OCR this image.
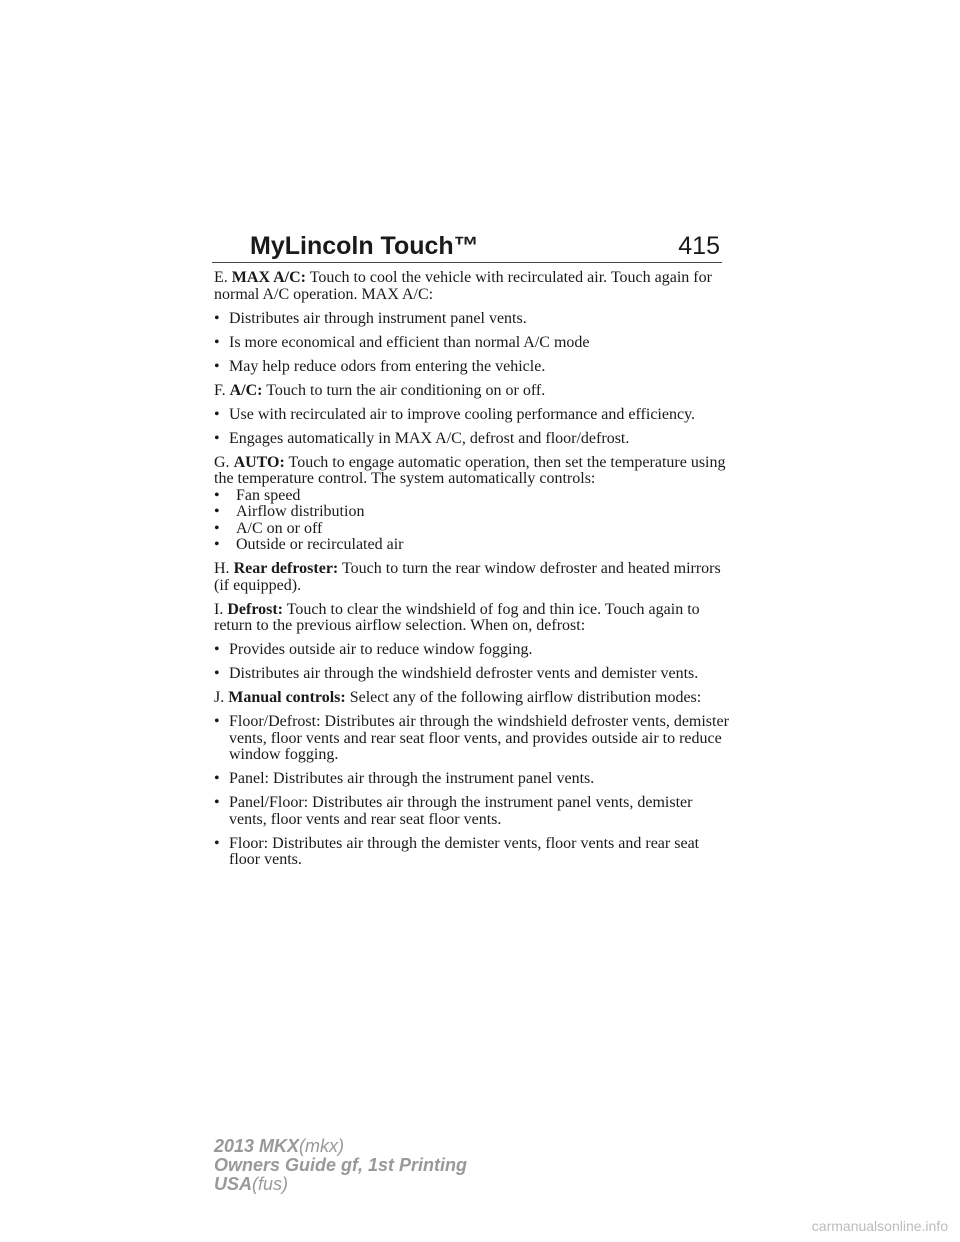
MyLincoln Touch™	415

E. MAX A/C: Touch to cool the vehicle with recirculated air. Touch again for normal A/C operation. MAX A/C:

• Distributes air through instrument panel vents.
• Is more economical and efficient than normal A/C mode
• May help reduce odors from entering the vehicle.

F. A/C: Touch to turn the air conditioning on or off.

• Use with recirculated air to improve cooling performance and efficiency.
• Engages automatically in MAX A/C, defrost and floor/defrost.

G. AUTO: Touch to engage automatic operation, then set the temperature using the temperature control. The system automatically controls:

• Fan speed
• Airflow distribution
• A/C on or off
• Outside or recirculated air

H. Rear defroster: Touch to turn the rear window defroster and heated mirrors (if equipped).

I. Defrost: Touch to clear the windshield of fog and thin ice. Touch again to return to the previous airflow selection. When on, defrost:

• Provides outside air to reduce window fogging.
• Distributes air through the windshield defroster vents and demister vents.

J. Manual controls: Select any of the following airflow distribution modes:

• Floor/Defrost: Distributes air through the windshield defroster vents, demister vents, floor vents and rear seat floor vents, and provides outside air to reduce window fogging.
• Panel: Distributes air through the instrument panel vents.
• Panel/Floor: Distributes air through the instrument panel vents, demister vents, floor vents and rear seat floor vents.
• Floor: Distributes air through the demister vents, floor vents and rear seat floor vents.
2013 MKX(mkx)
Owners Guide gf, 1st Printing
USA(fus)
carmanualsonline.info
